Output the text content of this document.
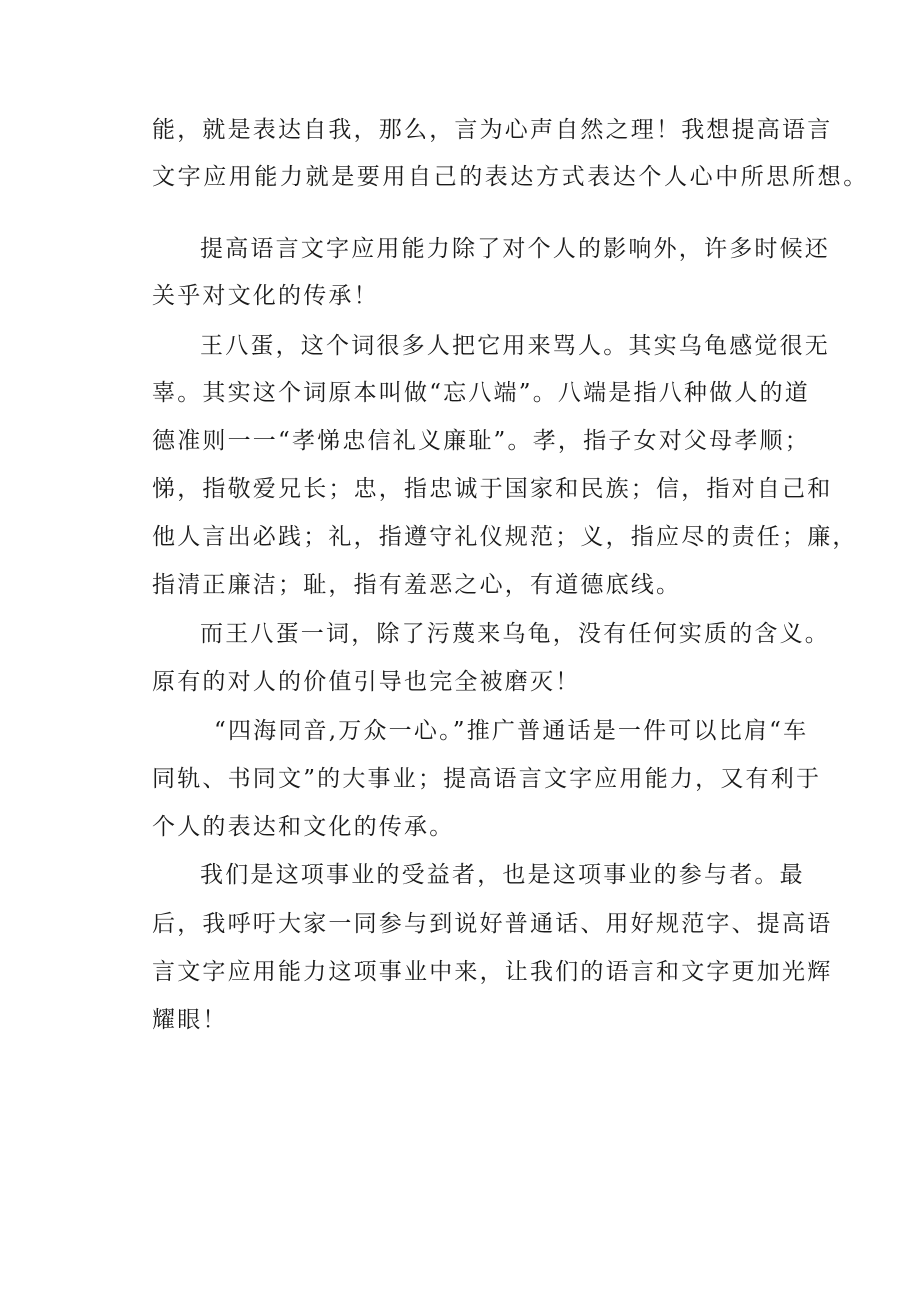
能，就是表达自我，那么，言为心声自然之理！我想提高语言
文字应用能力就是要用自己的表达方式表达个人心中所思所想。
提高语言文字应用能力除了对个人的影响外，许多时候还
关乎对文化的传承！
王八蛋，这个词很多人把它用来骂人。其实乌龟感觉很无
辜。其实这个词原本叫做“忘八端”。八端是指八种做人的道
德准则一一“孝悌忠信礼义廉耻”。孝，指子女对父母孝顺；
悌，指敬爱兄长；忠，指忠诚于国家和民族；信，指对自己和
他人言出必践；礼，指遵守礼仪规范；义，指应尽的责任；廉，
指清正廉洁；耻，指有羞恶之心，有道德底线。
而王八蛋一词，除了污蔑来乌龟，没有任何实质的含义。
原有的对人的价值引导也完全被磨灭！
“四海同音,万众一心。”推广普通话是一件可以比肩“车
同轨、书同文”的大事业；提高语言文字应用能力，又有利于
个人的表达和文化的传承。
我们是这项事业的受益者，也是这项事业的参与者。最
后，我呼吁大家一同参与到说好普通话、用好规范字、提高语
言文字应用能力这项事业中来，让我们的语言和文字更加光辉
耀眼！
